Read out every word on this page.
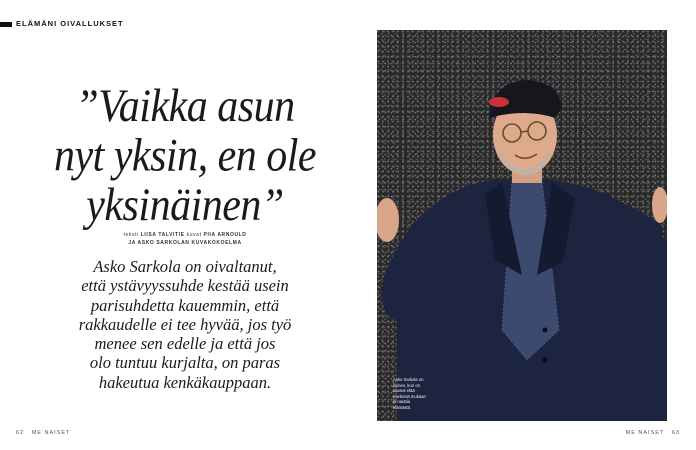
ELÄMÄNI OIVALLUKSET
”Vaikka asun
nyt yksin, en ole
yksinäinen”
teksti LIISA TALVITIE kuvat PIIA ARNOULD
JA ASKO SARKOLAN KUVAKOKOELMA
Asko Sarkola on oivaltanut,
että ystävyyssuhde kestää usein
parisuhdetta kauemmin, että
rakkaudelle ei tee hyvää, jos työ
menee sen edelle ja että jos
olo tuntuu kurjalta, on paras
hakeutua kenkäkauppaan.	Asko Sarkola on
iloinen, kun on
saanut elää
mielensä mukaan
ja nauttia
elämästä.
62 ME NAISET	ME NAISET 63
